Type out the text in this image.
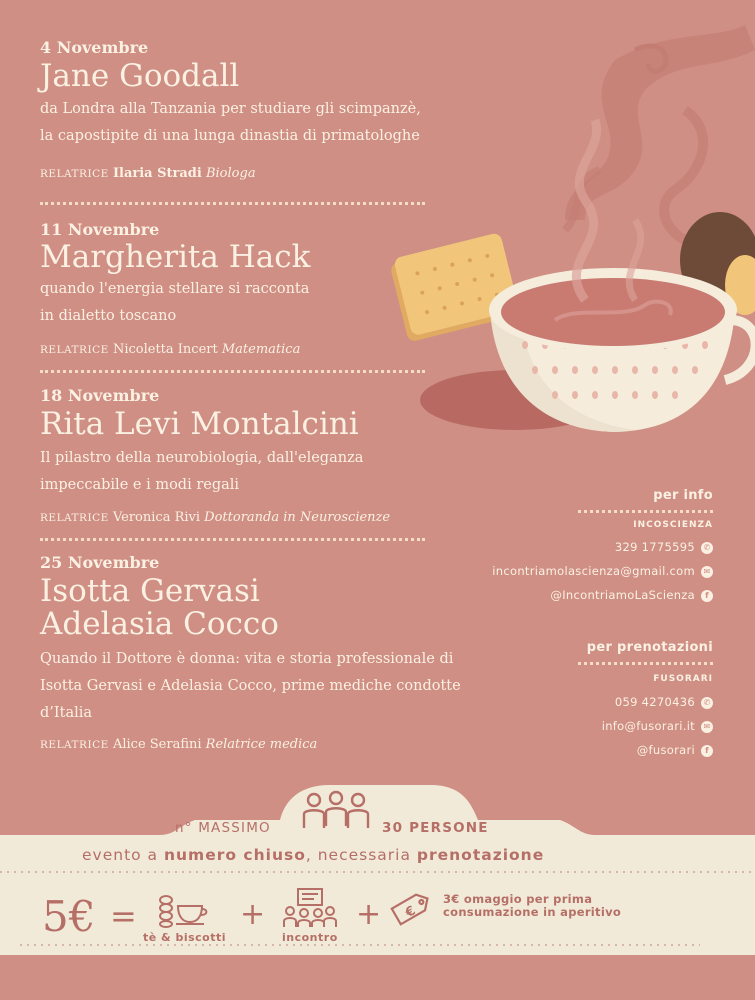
4 Novembre
Jane Goodall
da Londra alla Tanzania per studiare gli scimpanzè,
la capostipite di una lunga dinastia di primatologhe
RELATRICE Ilaria Stradi Biologa
11 Novembre
Margherita Hack
quando l'energia stellare si racconta
in dialetto toscano
RELATRICE Nicoletta Incert Matematica
18 Novembre
Rita Levi Montalcini
Il pilastro della neurobiologia, dall'eleganza
impeccabile e i modi regali
RELATRICE Veronica Rivi Dottoranda in Neuroscienze
25 Novembre
Isotta Gervasi
Adelasia Cocco
Quando il Dottore è donna: vita e storia professionale di
Isotta Gervasi e Adelasia Cocco, prime mediche condotte
d’Italia
RELATRICE Alice Serafini Relatrice medica
per info
INCOSCIENZA
329 1775595 ✆
incontriamolascienza@gmail.com ✉
@IncontriamoLaScienza f
per prenotazioni
FUSORARI
059 4270436 ✆
info@fusorari.it ✉
@fusorari f
n° MASSIMO	30 PERSONE
evento a numero chiuso, necessaria prenotazione
5€ =
tè & biscotti
+
incontro
+ €
3€ omaggio per prima consumazione in aperitivo
